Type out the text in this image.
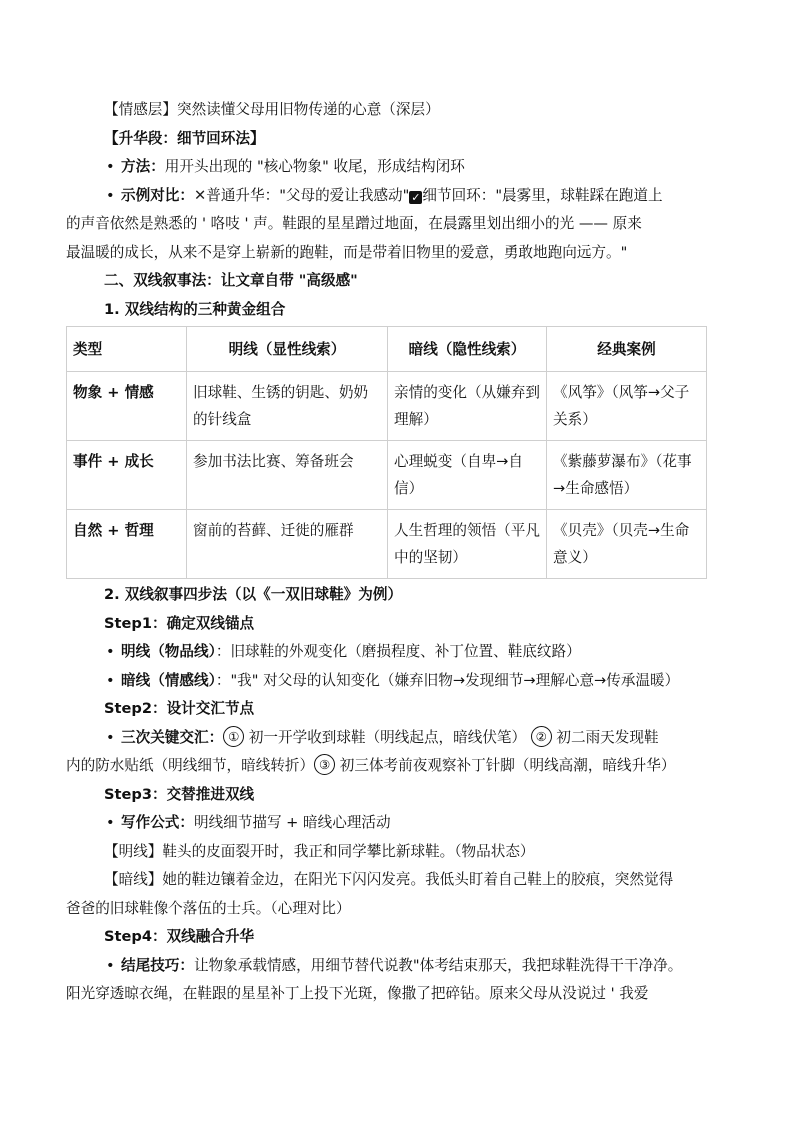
【情感层】突然读懂父母用旧物传递的心意（深层）
【升华段：细节回环法】
• 方法：用开头出现的 "核心物象" 收尾，形成结构闭环
• 示例对比：✕普通升华："父母的爱让我感动" ✓ 细节回环："晨雾里，球鞋踩在跑道上
的声音依然是熟悉的 ' 咯吱 ' 声。鞋跟的星星蹭过地面，在晨露里划出细小的光 —— 原来
最温暖的成长，从来不是穿上崭新的跑鞋，而是带着旧物里的爱意，勇敢地跑向远方。"
二、双线叙事法：让文章自带 "高级感"
1. 双线结构的三种黄金组合
类型	明线（显性线索）	暗线（隐性线索）	经典案例
物象 + 情感	旧球鞋、生锈的钥匙、奶奶的针线盒	亲情的变化（从嫌弃到理解）	《风筝》（风筝→父子关系）
事件 + 成长	参加书法比赛、筹备班会	心理蜕变（自卑→自信）	《紫藤萝瀑布》（花事→生命感悟）
自然 + 哲理	窗前的苔藓、迁徙的雁群	人生哲理的领悟（平凡中的坚韧）	《贝壳》（贝壳→生命意义）
2. 双线叙事四步法（以《一双旧球鞋》为例）
Step1：确定双线锚点
• 明线（物品线）：旧球鞋的外观变化（磨损程度、补丁位置、鞋底纹路）
• 暗线（情感线）："我" 对父母的认知变化（嫌弃旧物→发现细节→理解心意→传承温暖）
Step2：设计交汇节点
• 三次关键交汇： ① 初一开学收到球鞋（明线起点，暗线伏笔） ② 初二雨天发现鞋
内的防水贴纸（明线细节，暗线转折） ③ 初三体考前夜观察补丁针脚（明线高潮，暗线升华）
Step3：交替推进双线
• 写作公式：明线细节描写 + 暗线心理活动
【明线】鞋头的皮面裂开时，我正和同学攀比新球鞋。（物品状态）
【暗线】她的鞋边镶着金边，在阳光下闪闪发亮。我低头盯着自己鞋上的胶痕，突然觉得
爸爸的旧球鞋像个落伍的士兵。（心理对比）
Step4：双线融合升华
• 结尾技巧：让物象承载情感，用细节替代说教"体考结束那天，我把球鞋洗得干干净净。
阳光穿透晾衣绳，在鞋跟的星星补丁上投下光斑，像撒了把碎钻。原来父母从没说过 ' 我爱
